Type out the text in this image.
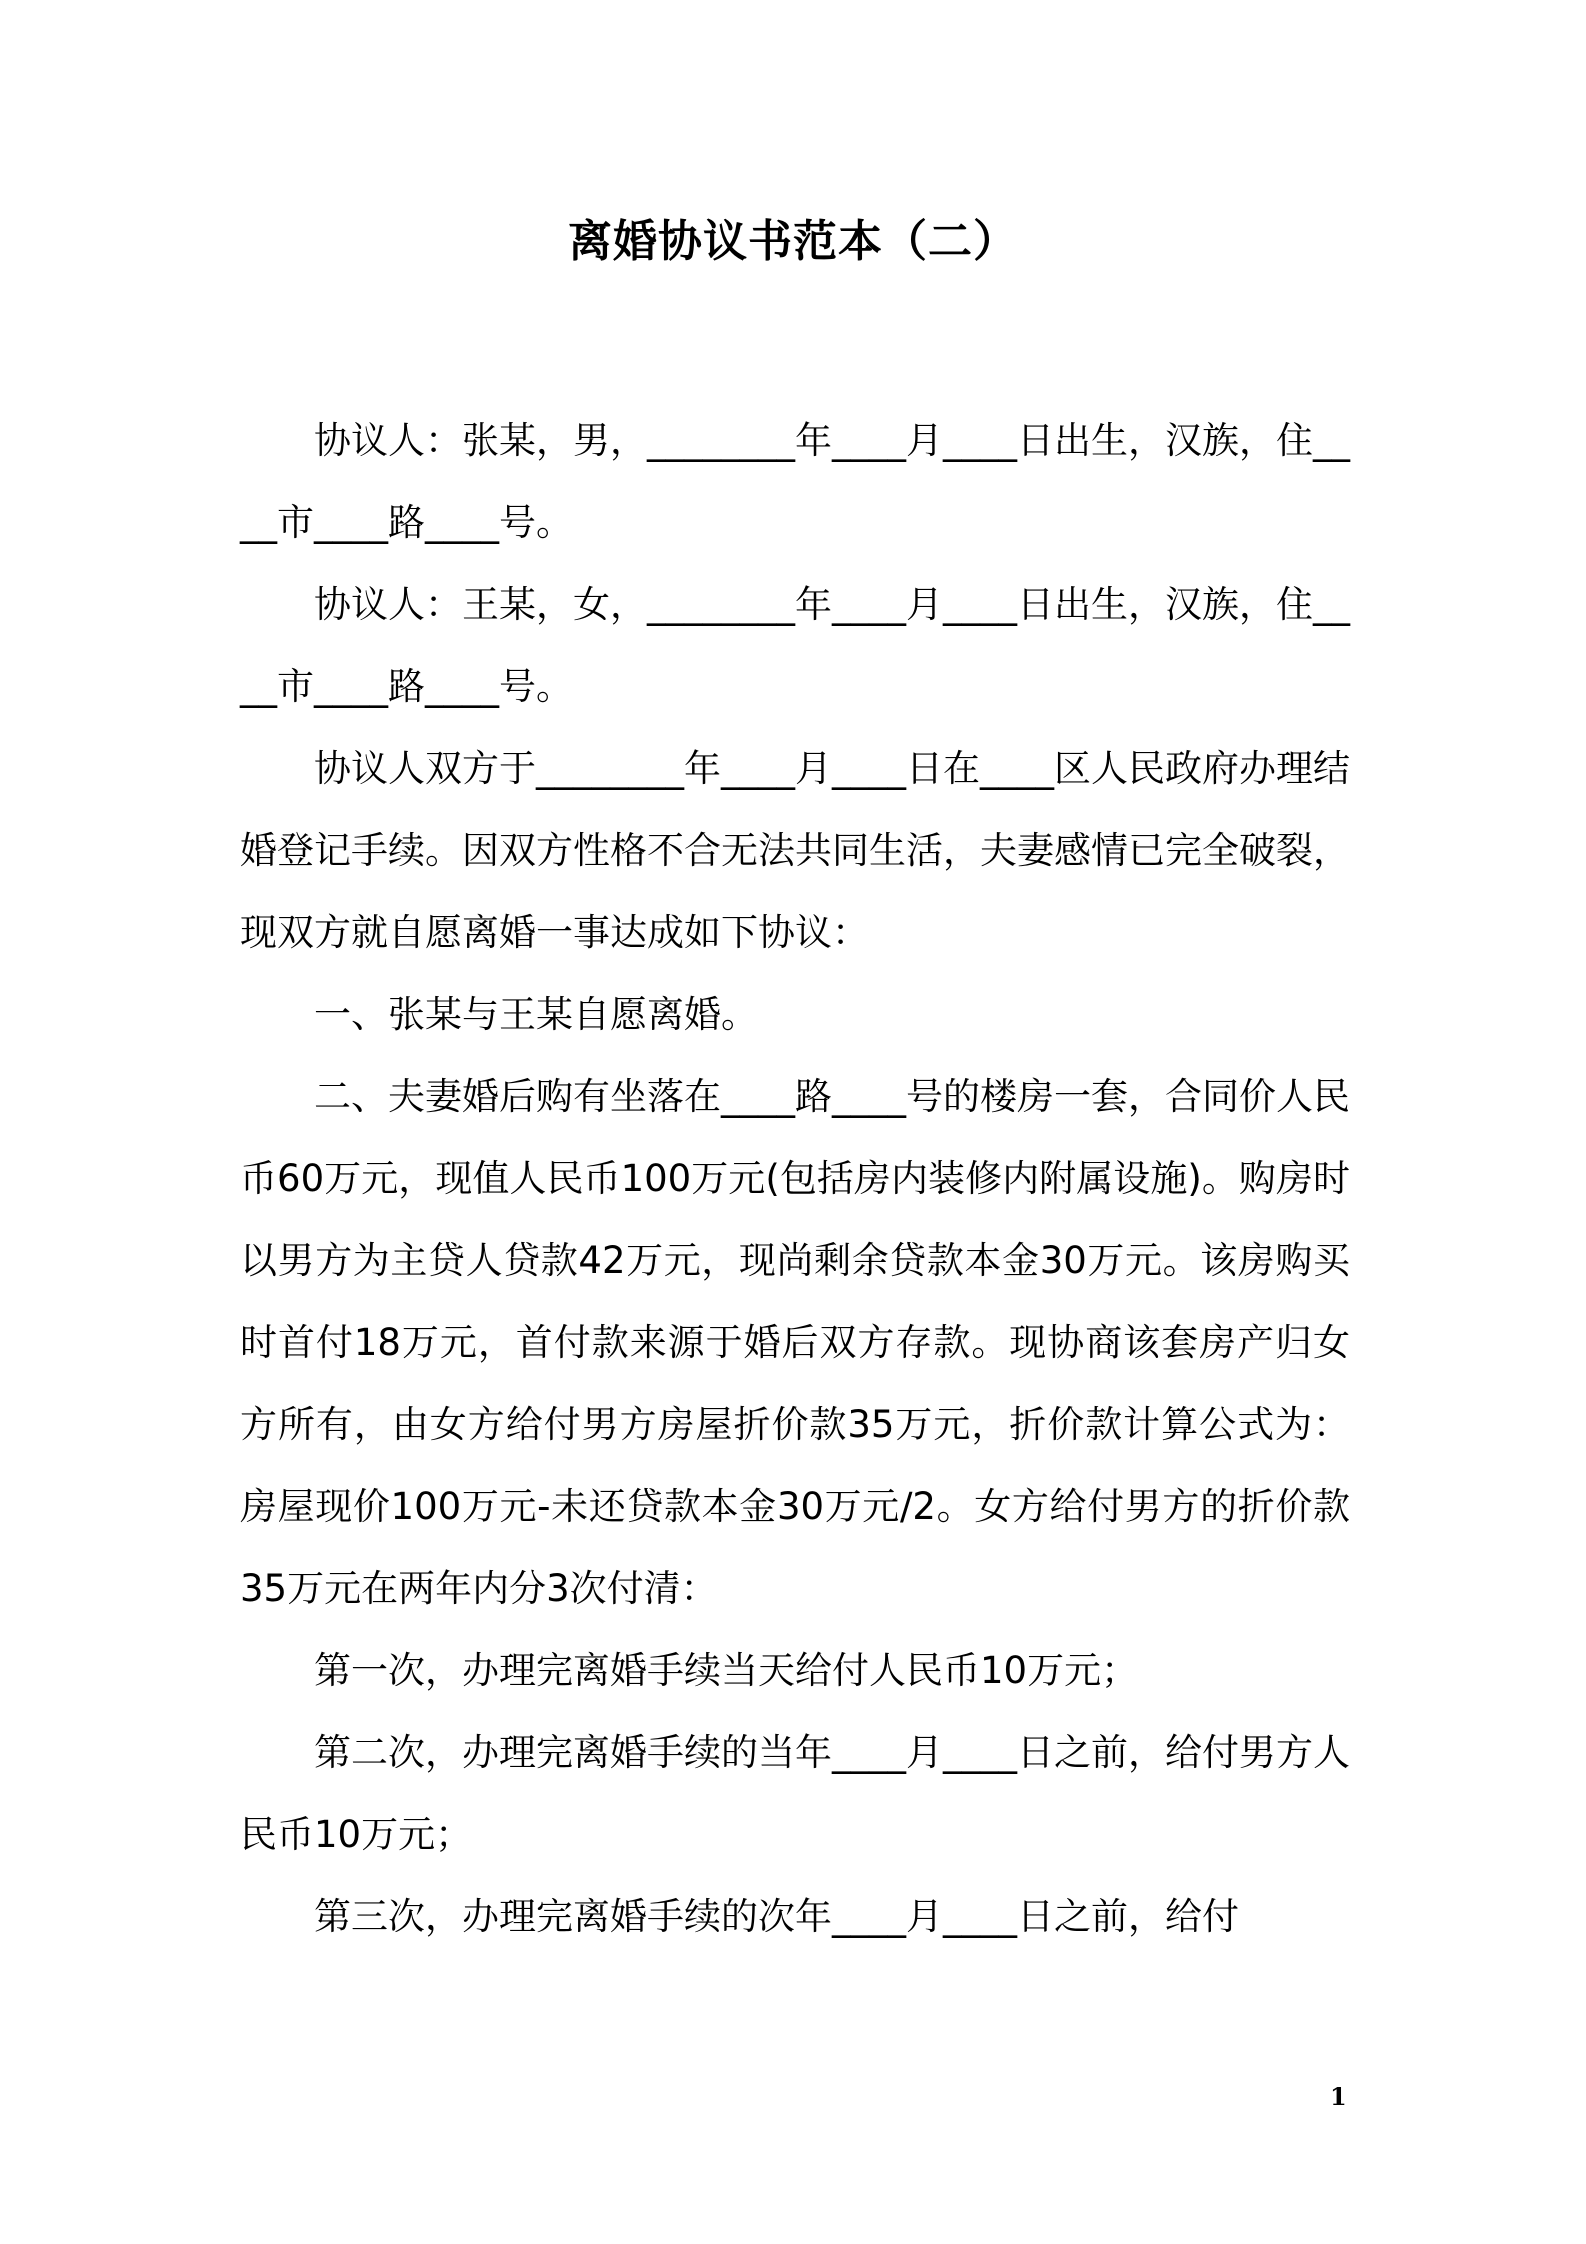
离婚协议书范本（二）

协议人：张某，男，________年____月____日出生，汉族，住____市____路____号。

协议人：王某，女，________年____月____日出生，汉族，住____市____路____号。

协议人双方于________年____月____日在____区人民政府办理结婚登记手续。因双方性格不合无法共同生活，夫妻感情已完全破裂，现双方就自愿离婚一事达成如下协议：

一、张某与王某自愿离婚。

二、夫妻婚后购有坐落在____路____号的楼房一套，合同价人民币60万元，现值人民币100万元(包括房内装修内附属设施)。购房时以男方为主贷人贷款42万元，现尚剩余贷款本金30万元。该房购买时首付18万元，首付款来源于婚后双方存款。现协商该套房产归女方所有，由女方给付男方房屋折价款35万元，折价款计算公式为：房屋现价100万元-未还贷款本金30万元/2。女方给付男方的折价款35万元在两年内分3次付清：

第一次，办理完离婚手续当天给付人民币10万元；

第二次，办理完离婚手续的当年____月____日之前，给付男方人民币10万元；

第三次，办理完离婚手续的次年____月____日之前，给付

1
